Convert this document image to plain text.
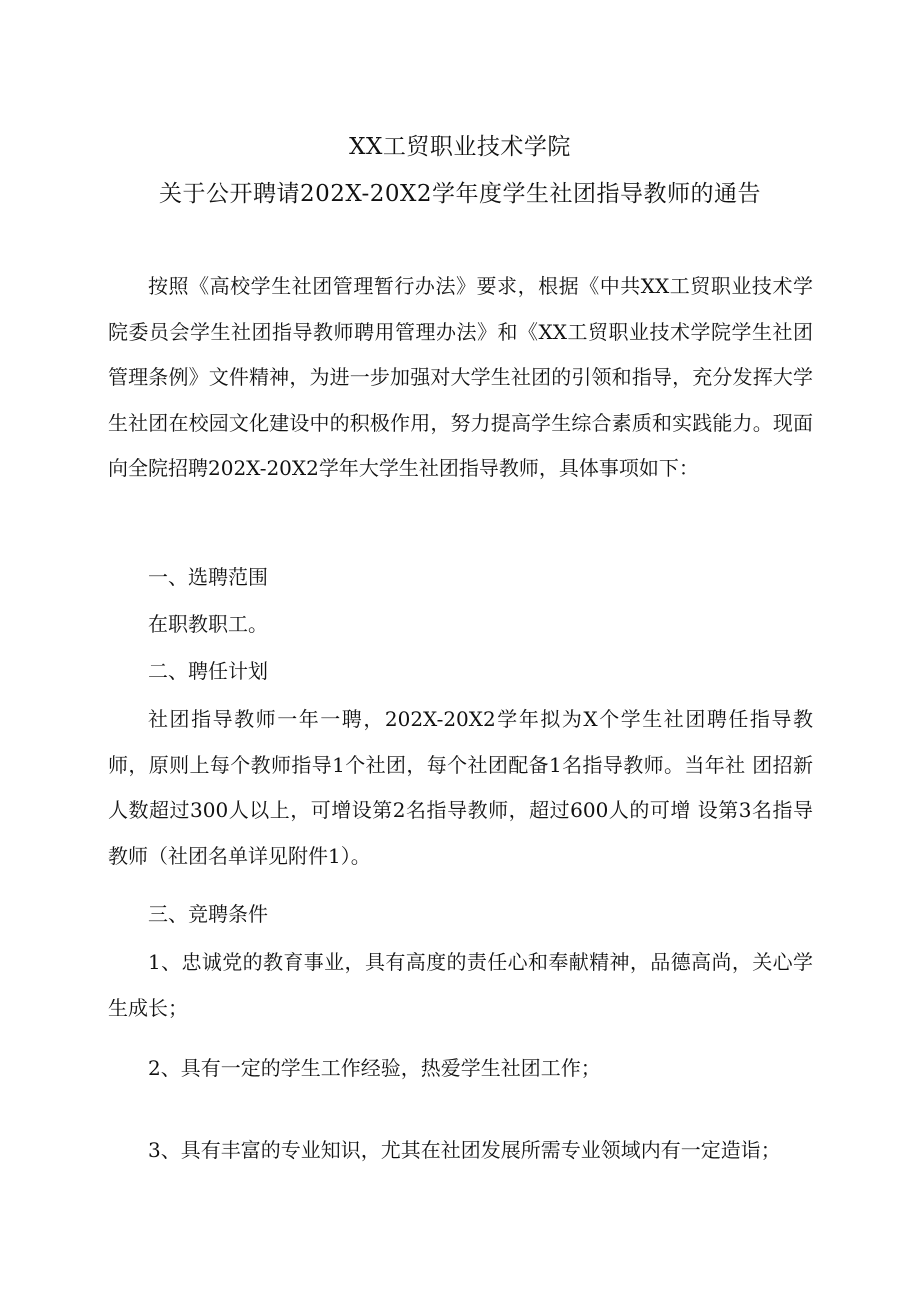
XX工贸职业技术学院
关于公开聘请202X-20X2学年度学生社团指导教师的通告

按照《高校学生社团管理暂行办法》要求，根据《中共XX工贸职业技术学院委员会学生社团指导教师聘用管理办法》和《XX工贸职业技术学院学生社团管理条例》文件精神，为进一步加强对大学生社团的引领和指导，充分发挥大学生社团在校园文化建设中的积极作用，努力提高学生综合素质和实践能力。现面向全院招聘202X-20X2学年大学生社团指导教师，具体事项如下：

一、选聘范围

在职教职工。

二、聘任计划

社团指导教师一年一聘，202X-20X2学年拟为X个学生社团聘任指导教师，原则上每个教师指导1个社团，每个社团配备1名指导教师。当年社 团招新人数超过300人以上，可增设第2名指导教师，超过600人的可增 设第3名指导教师（社团名单详见附件1）。

三、竞聘条件

1、忠诚党的教育事业，具有高度的责任心和奉献精神，品德高尚，关心学生成长；

2、具有一定的学生工作经验，热爱学生社团工作；

3、具有丰富的专业知识，尤其在社团发展所需专业领域内有一定造诣；
